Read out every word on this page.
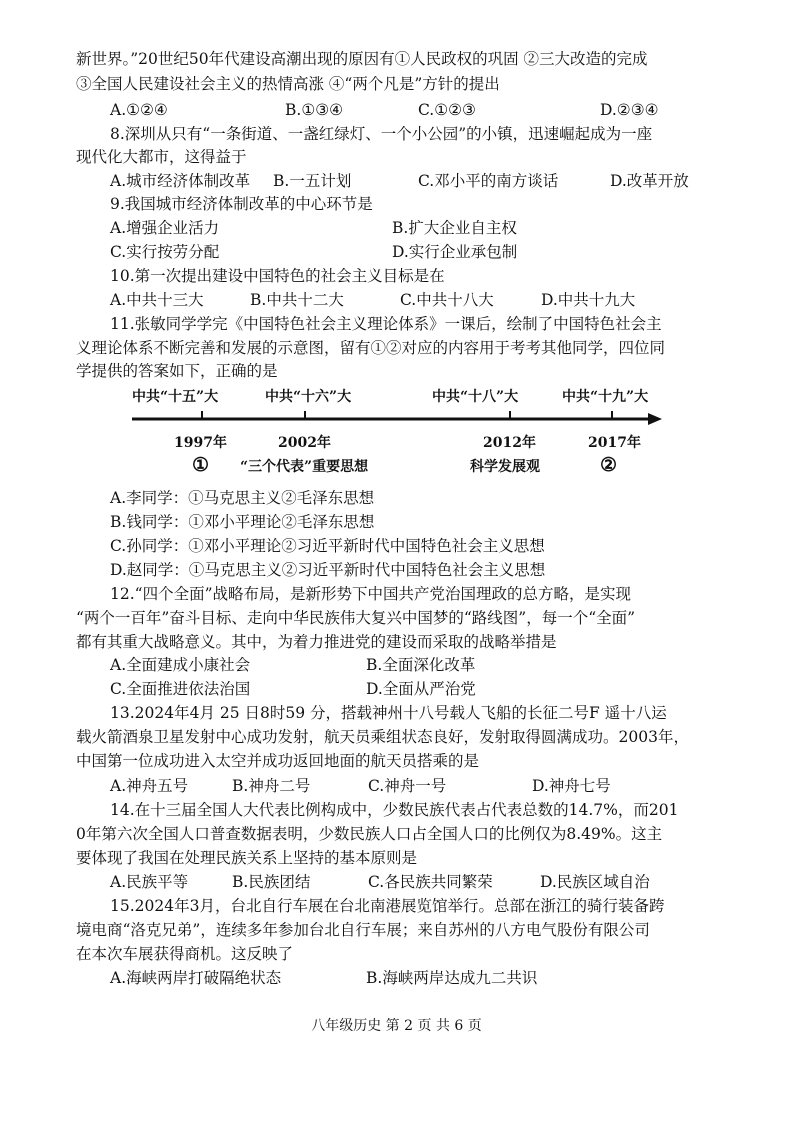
新世界。”20世纪50年代建设高潮出现的原因有①人民政权的巩固 ②三大改造的完成
③全国人民建设社会主义的热情高涨 ④“两个凡是”方针的提出
A.①②④	B.①③④	C.①②③	D.②③④
8.深圳从只有“一条街道、一盏红绿灯、一个小公园”的小镇，迅速崛起成为一座
现代化大都市，这得益于
A.城市经济体制改革 B.一五计划	C.邓小平的南方谈话	D.改革开放
9.我国城市经济体制改革的中心环节是
A.增强企业活力	B.扩大企业自主权
C.实行按劳分配	D.实行企业承包制
10.第一次提出建设中国特色的社会主义目标是在
A.中共十三大	B.中共十二大	C.中共十八大	D.中共十九大
11.张敏同学学完《中国特色社会主义理论体系》一课后，绘制了中国特色社会主
义理论体系不断完善和发展的示意图，留有①②对应的内容用于考考其他同学，四位同
学提供的答案如下，正确的是
中共“十五”大	中共“十六”大	中共“十八”大	中共“十九”大
1997年	2002年	2012年	2017年
① “三个代表”重要思想	科学发展观	②
A.李同学：①马克思主义②毛泽东思想
B.钱同学：①邓小平理论②毛泽东思想
C.孙同学：①邓小平理论②习近平新时代中国特色社会主义思想
D.赵同学：①马克思主义②习近平新时代中国特色社会主义思想
12.“四个全面”战略布局，是新形势下中国共产党治国理政的总方略，是实现
“两个一百年”奋斗目标、走向中华民族伟大复兴中国梦的“路线图”，每一个“全面”
都有其重大战略意义。其中，为着力推进党的建设而采取的战略举措是
A.全面建成小康社会	B.全面深化改革
C.全面推进依法治国	D.全面从严治党
13.2024年4月 25 日8时59 分，搭载神州十八号载人飞船的长征二号F 遥十八运
载火箭酒泉卫星发射中心成功发射，航天员乘组状态良好，发射取得圆满成功。2003年，
中国第一位成功进入太空并成功返回地面的航天员搭乘的是
A.神舟五号	B.神舟二号	C.神舟一号	D.神舟七号
14.在十三届全国人大代表比例构成中，少数民族代表占代表总数的14.7%，而201
0年第六次全国人口普查数据表明，少数民族人口占全国人口的比例仅为8.49%。这主
要体现了我国在处理民族关系上坚持的基本原则是
A.民族平等	B.民族团结	C.各民族共同繁荣	D.民族区域自治
15.2024年3月，台北自行车展在台北南港展览馆举行。总部在浙江的骑行装备跨
境电商“洛克兄弟”，连续多年参加台北自行车展；来自苏州的八方电气股份有限公司
在本次车展获得商机。这反映了
A.海峡两岸打破隔绝状态	B.海峡两岸达成九二共识
八年级历史 第 2 页 共 6 页
